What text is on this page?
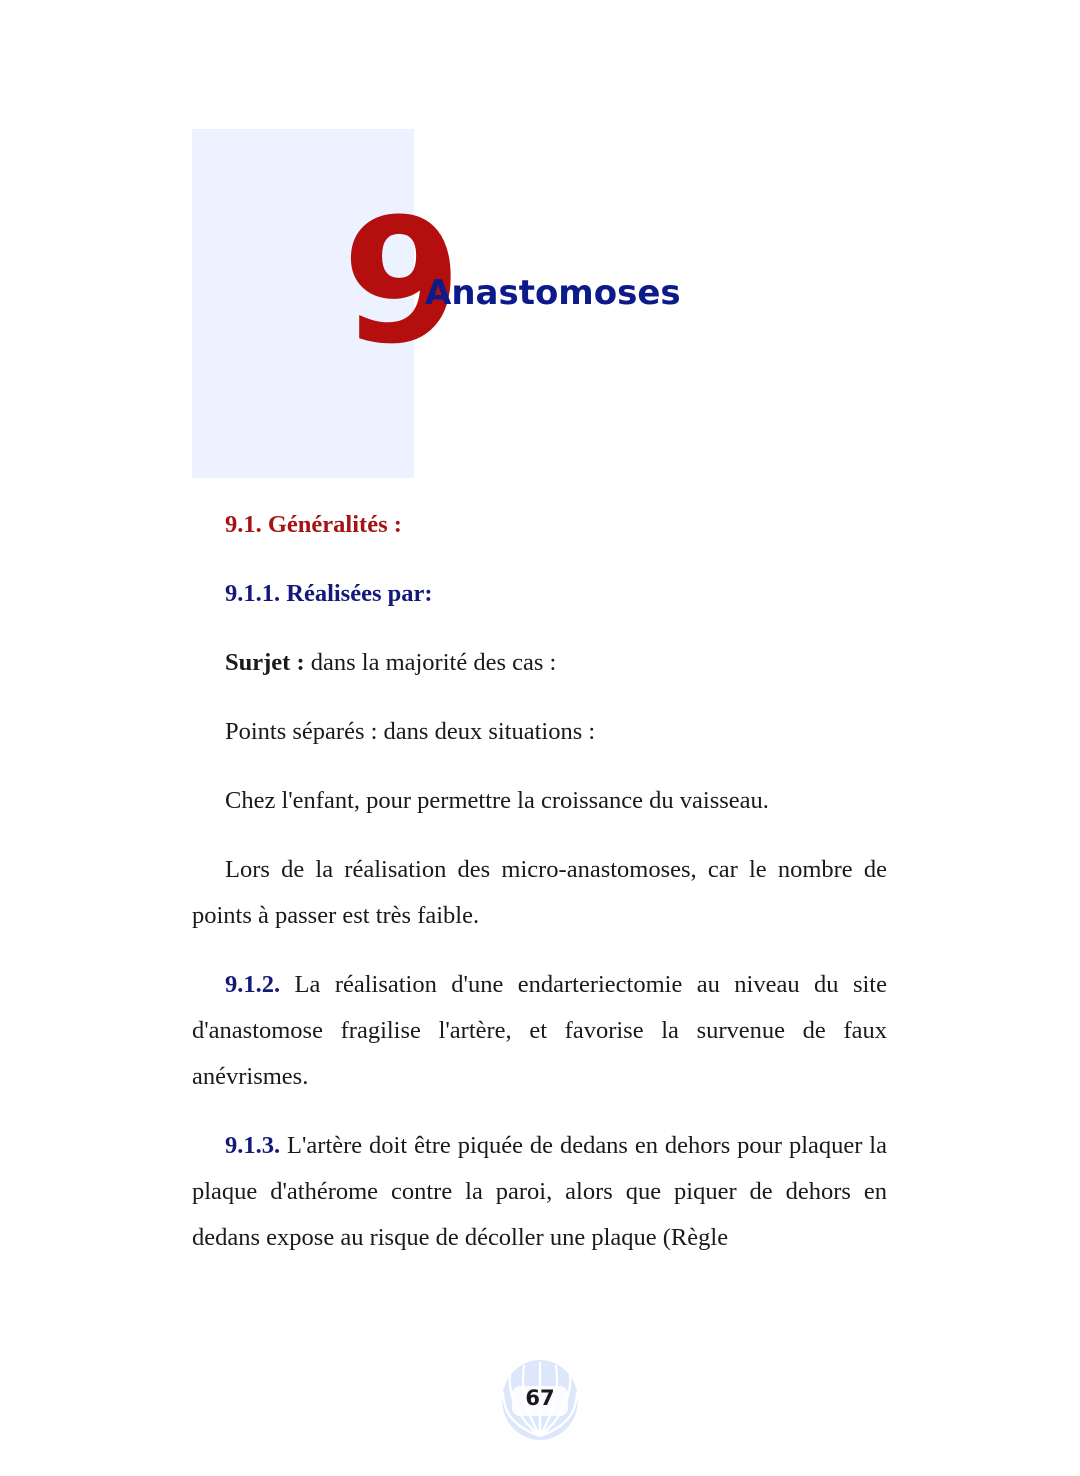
9
Anastomoses

9.1. Généralités :

9.1.1. Réalisées par:

Surjet : dans la majorité des cas :

Points séparés : dans deux situations :

Chez l'enfant, pour permettre la croissance du vaisseau.

Lors de la réalisation des micro-anastomoses, car le nombre de points à passer est très faible.

9.1.2. La réalisation d'une endarteriectomie au niveau du site d'anastomose fragilise l'artère, et favorise la survenue de faux anévrismes.

9.1.3. L'artère doit être piquée de dedans en dehors pour plaquer la plaque d'athérome contre la paroi, alors que piquer de dehors en dedans expose au risque de décoller une plaque (Règle

67
